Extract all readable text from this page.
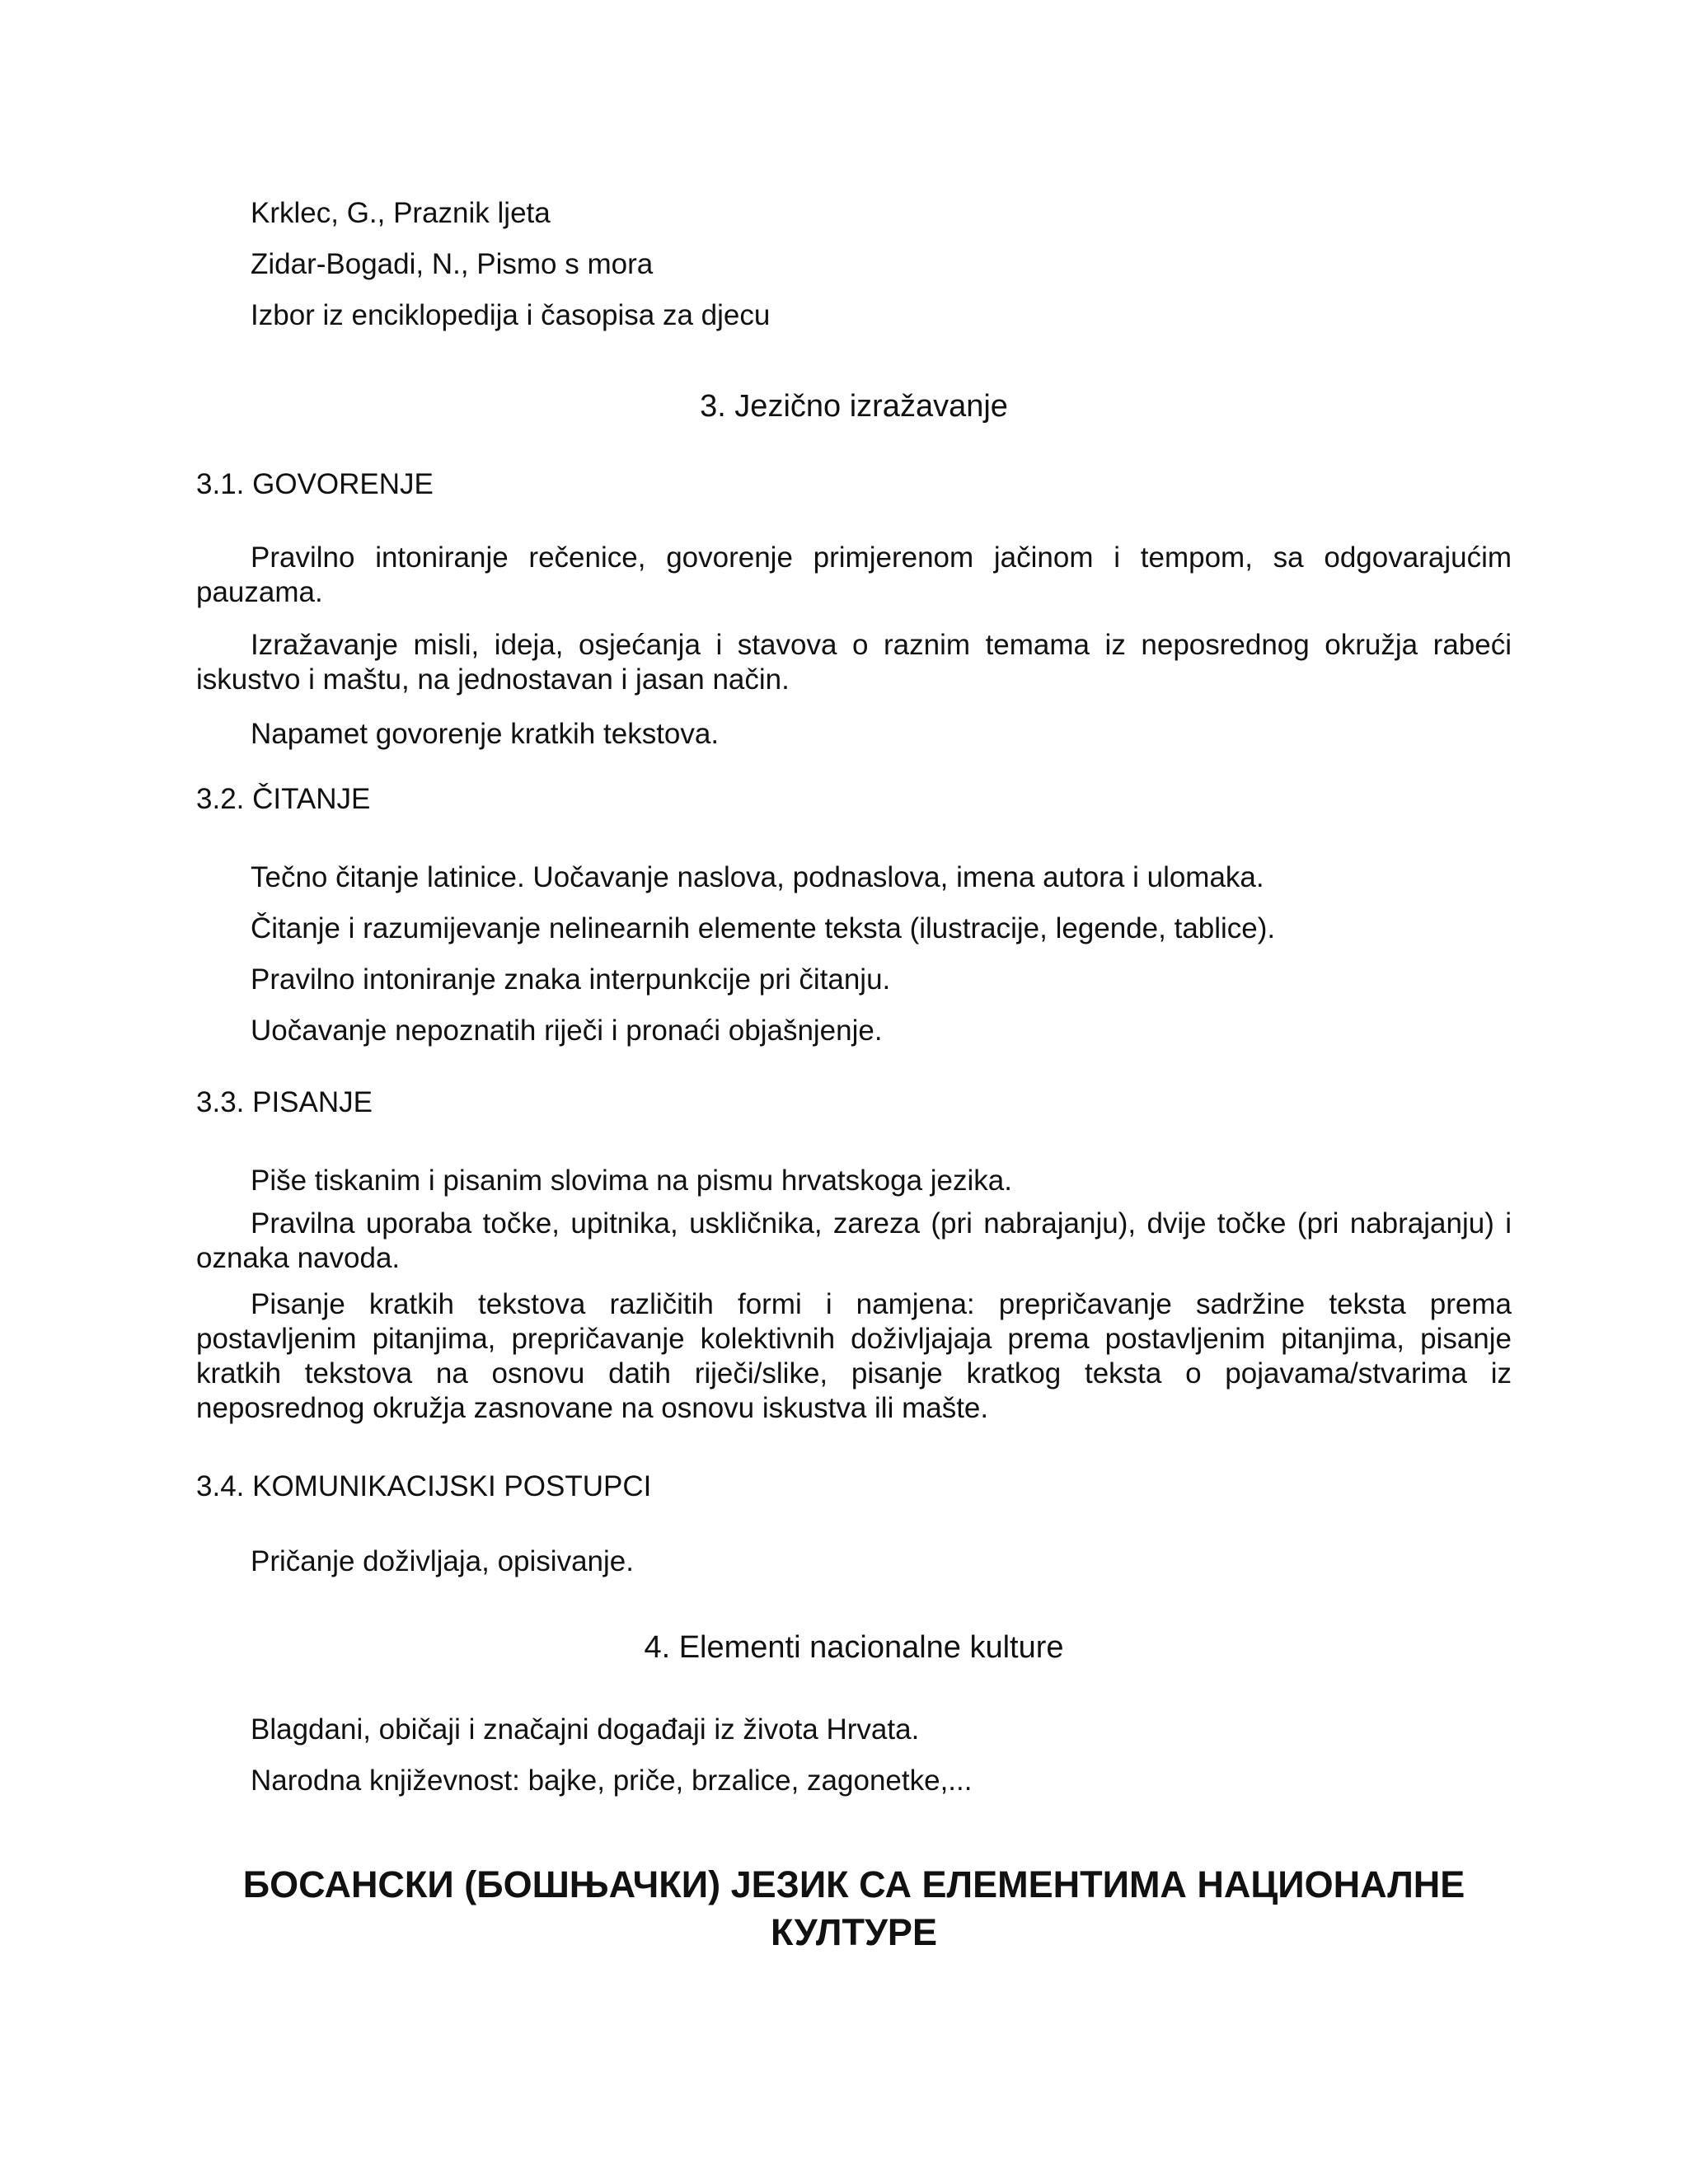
Krklec, G., Praznik ljeta

Zidar-Bogadi, N., Pismo s mora

Izbor iz enciklopedija i časopisa za djecu

3. Jezično izražavanje

3.1. GOVORENJE

Pravilno intoniranje rečenice, govorenje primjerenom jačinom i tempom, sa odgovarajućim pauzama.

Izražavanje misli, ideja, osjećanja i stavova o raznim temama iz neposrednog okružja rabeći iskustvo i maštu, na jednostavan i jasan način.

Napamet govorenje kratkih tekstova.

3.2. ČITANJE

Tečno čitanje latinice. Uočavanje naslova, podnaslova, imena autora i ulomaka.

Čitanje i razumijevanje nelinearnih elemente teksta (ilustracije, legende, tablice).

Pravilno intoniranje znaka interpunkcije pri čitanju.

Uočavanje nepoznatih riječi i pronaći objašnjenje.

3.3. PISANJE

Piše tiskanim i pisanim slovima na pismu hrvatskoga jezika.

Pravilna uporaba točke, upitnika, uskličnika, zareza (pri nabrajanju), dvije točke (pri nabrajanju) i oznaka navoda.

Pisanje kratkih tekstova različitih formi i namjena: prepričavanje sadržine teksta prema postavljenim pitanjima, prepričavanje kolektivnih doživljajaja prema postavljenim pitanjima, pisanje kratkih tekstova na osnovu datih riječi/slike, pisanje kratkog teksta o pojavama/stvarima iz neposrednog okružja zasnovane na osnovu iskustva ili mašte.

3.4. KOMUNIKACIJSKI POSTUPCI

Pričanje doživljaja, opisivanje.

4. Elementi nacionalne kulture

Blagdani, običaji i značajni događaji iz života Hrvata.

Narodna književnost: bajke, priče, brzalice, zagonetke,...

БОСАНСКИ (БОШЊАЧКИ) ЈЕЗИК СА ЕЛЕМЕНТИМА НАЦИОНАЛНЕ

КУЛТУРЕ
